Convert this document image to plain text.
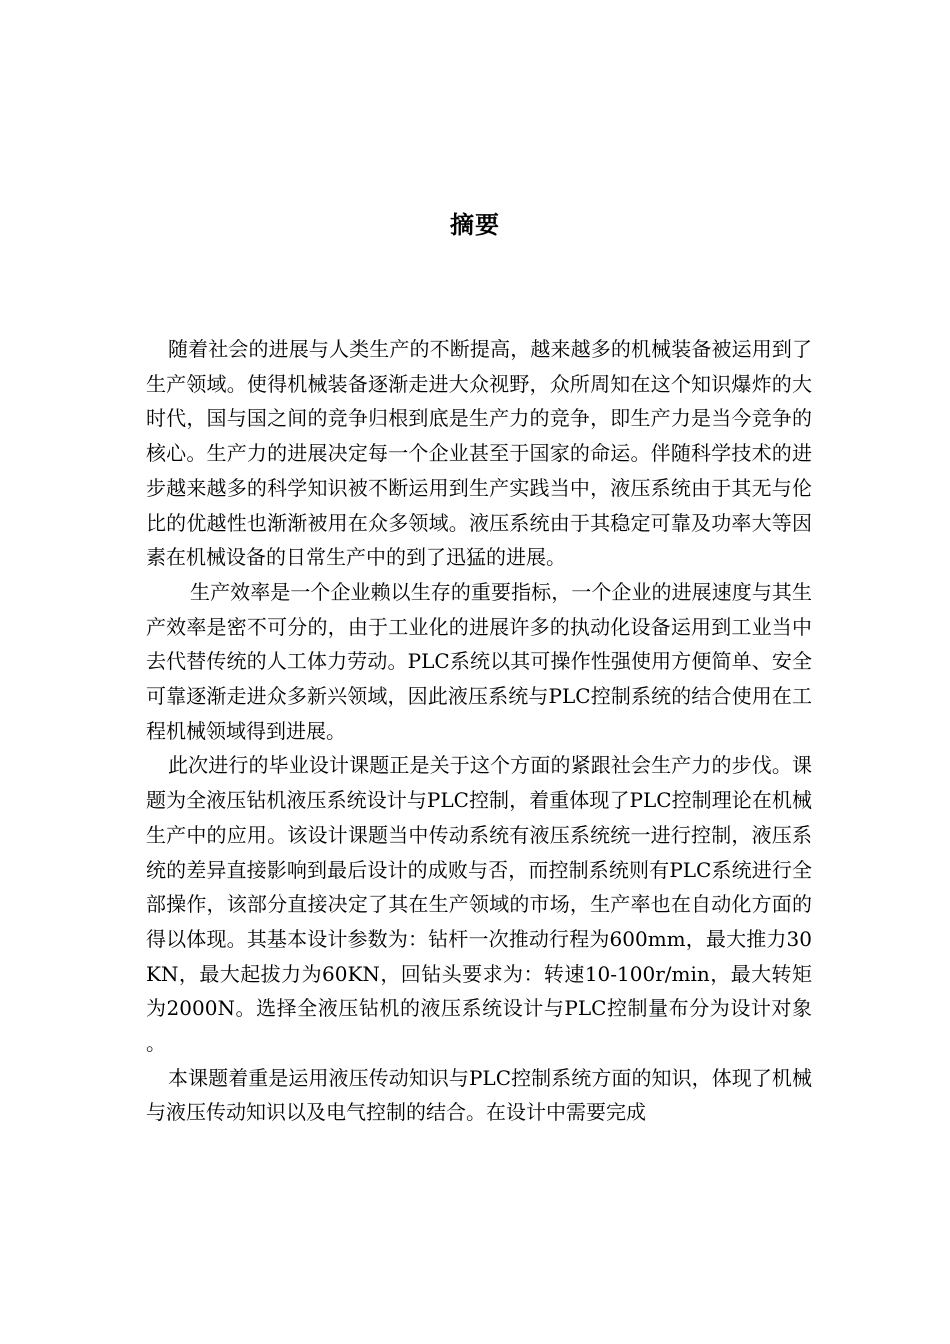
摘要

随着社会的进展与人类生产的不断提高，越来越多的机械装备被运用到了生产领域。使得机械装备逐渐走进大众视野，众所周知在这个知识爆炸的大时代，国与国之间的竞争归根到底是生产力的竞争，即生产力是当今竞争的核心。生产力的进展决定每一个企业甚至于国家的命运。伴随科学技术的进步越来越多的科学知识被不断运用到生产实践当中，液压系统由于其无与伦比的优越性也渐渐被用在众多领域。液压系统由于其稳定可靠及功率大等因素在机械设备的日常生产中的到了迅猛的进展。

生产效率是一个企业赖以生存的重要指标，一个企业的进展速度与其生产效率是密不可分的，由于工业化的进展许多的执动化设备运用到工业当中去代替传统的人工体力劳动。PLC系统以其可操作性强使用方便简单、安全可靠逐渐走进众多新兴领域，因此液压系统与PLC控制系统的结合使用在工程机械领域得到进展。

此次进行的毕业设计课题正是关于这个方面的紧跟社会生产力的步伐。课题为全液压钻机液压系统设计与PLC控制，着重体现了PLC控制理论在机械生产中的应用。该设计课题当中传动系统有液压系统统一进行控制，液压系统的差异直接影响到最后设计的成败与否，而控制系统则有PLC系统进行全部操作，该部分直接决定了其在生产领域的市场，生产率也在自动化方面的得以体现。其基本设计参数为：钻杆一次推动行程为600mm，最大推力30KN，最大起拔力为60KN，回钻头要求为：转速10-100r/min，最大转矩为2000N。选择全液压钻机的液压系统设计与PLC控制量布分为设计对象。

本课题着重是运用液压传动知识与PLC控制系统方面的知识，体现了机械与液压传动知识以及电气控制的结合。在设计中需要完成
